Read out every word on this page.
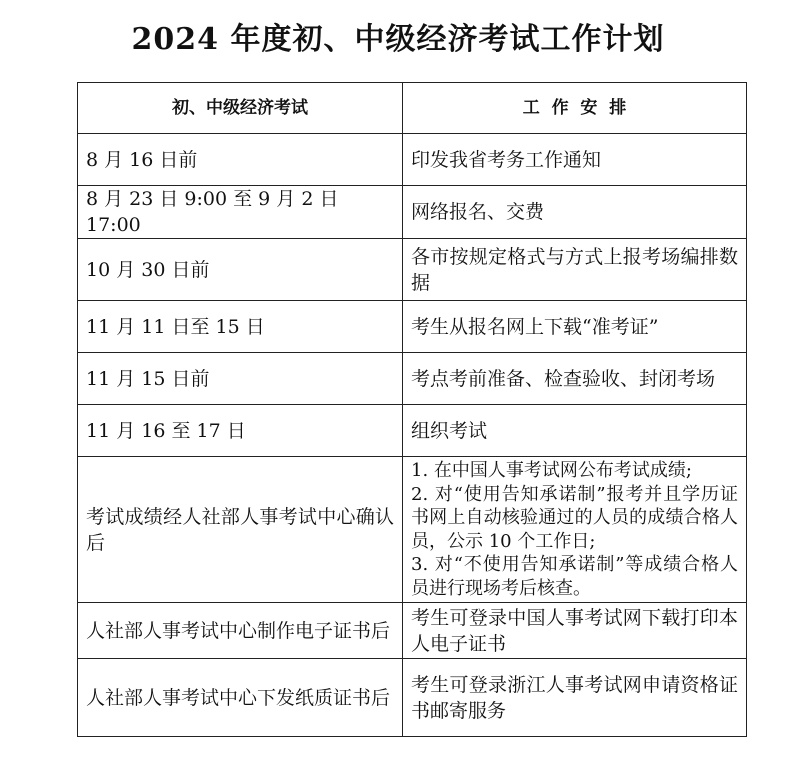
2024 年度初、中级经济考试工作计划
初、中级经济考试	工  作  安  排
8 月 16 日前	印发我省考务工作通知
8 月 23 日 9:00 至 9 月 2 日 17:00	网络报名、交费
10 月 30 日前	各市按规定格式与方式上报考场编排数据
11 月 11 日至 15 日	考生从报名网上下载“准考证”
11 月 15 日前	考点考前准备、检查验收、封闭考场
11 月 16 至 17 日	组织考试
考试成绩经人社部人事考试中心确认后	1. 在中国人事考试网公布考试成绩;
2. 对“使用告知承诺制”报考并且学历证书网上自动核验通过的人员的成绩合格人员，公示 10 个工作日;
3. 对“不使用告知承诺制”等成绩合格人员进行现场考后核查。

人社部人事考试中心制作电子证书后	考生可登录中国人事考试网下载打印本人电子证书
人社部人事考试中心下发纸质证书后	考生可登录浙江人事考试网申请资格证书邮寄服务
